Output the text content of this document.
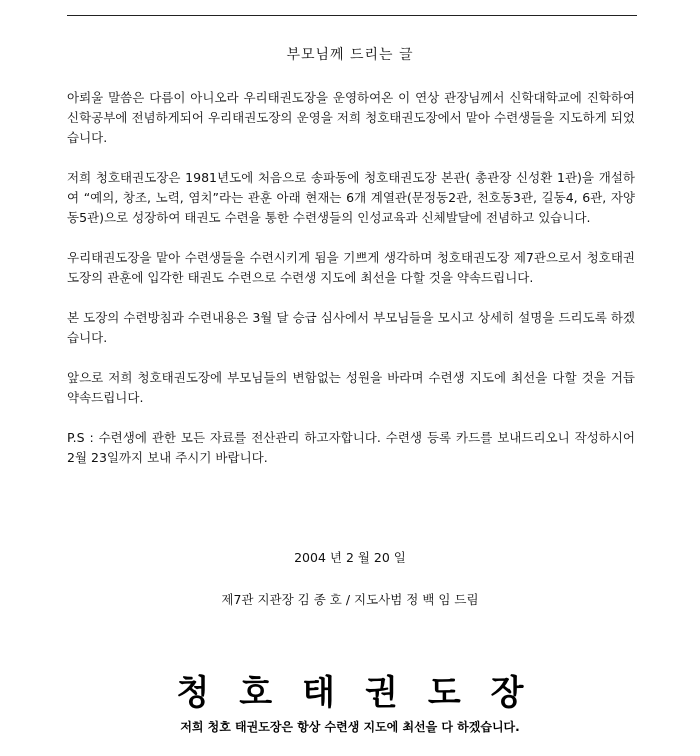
부모님께 드리는 글

아뢰울 말씀은 다름이 아니오라 우리태권도장을 운영하여온 이 연상 관장님께서 신학대학교에 진학하여 신학공부에 전념하게되어 우리태권도장의 운영을 저희 청호태권도장에서 맡아 수련생들을 지도하게 되었습니다.

저희 청호태권도장은 1981년도에 처음으로 송파동에 청호태권도장 본관( 총관장 신성환 1관)을 개설하여 “예의, 창조, 노력, 염치”라는 관훈 아래 현재는 6개 계열관(문정동2관, 천호동3관, 길동4, 6관, 자양동5관)으로 성장하여 태권도 수련을 통한 수련생들의 인성교육과 신체발달에 전념하고 있습니다.

우리태권도장을 맡아 수련생들을 수련시키게 됨을 기쁘게 생각하며 청호태권도장 제7관으로서 청호태권도장의 관훈에 입각한 태권도 수련으로 수련생 지도에 최선을 다할 것을 약속드립니다.

본 도장의 수련방침과 수련내용은 3월 달 승급 심사에서 부모님들을 모시고 상세히 설명을 드리도록 하겠습니다.

앞으로 저희 청호태권도장에 부모님들의 변함없는 성원을 바라며 수련생 지도에 최선을 다할 것을 거듭 약속드립니다.

P.S : 수련생에 관한 모든 자료를 전산관리 하고자합니다. 수련생 등록 카드를 보내드리오니 작성하시어 2월 23일까지 보내 주시기 바랍니다.

2004 년 2 월 20 일
제7관 지관장 김 종 호 / 지도사범 정 백 임 드림
청호태권도장
저희 청호 태권도장은 항상 수련생 지도에 최선을 다 하겠습니다.
